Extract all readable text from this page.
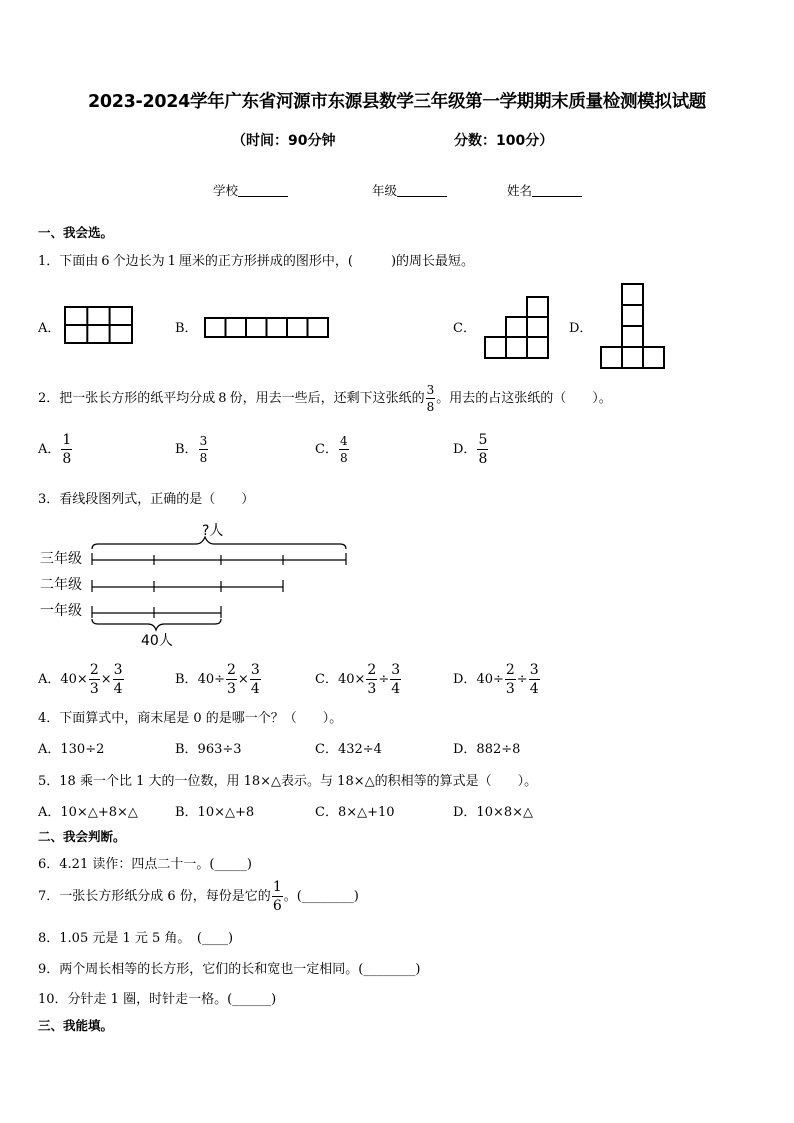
2023-2024学年广东省河源市东源县数学三年级第一学期期末质量检测模拟试题
（时间：90分钟	分数：100分）
学校	年级	姓名
一、我会选。
1．下面由 6 个边长为 1 厘米的正方形拼成的图形中，(	)的周长最短。
A．	B．	C．	D．
2．把一张长方形的纸平均分成 8 份，用去一些后，还剩下这张纸的 $\frac{3}{8}$ 。用去的占这张纸的（ ）。
A． $\frac{1}{8}$	B． $\frac{3}{8}$	C． $\frac{4}{8}$	D． $\frac{5}{8}$
3．看线段图列式，正确的是（　　）
?人
三年级
二年级
一年级
40人
A．$40\times \frac{2}{3} \times \frac{3}{4}$	B．$40\div \frac{2}{3} \times \frac{3}{4}$	C．$40\times \frac{2}{3} \div \frac{3}{4}$	D．$40\div \frac{2}{3} \div \frac{3}{4}$
4．下面算式中，商末尾是 0 的是哪一个？（　　）。
A．130÷2	B．963÷3	C．432÷4	D．882÷8
5．18 乘一个比 1 大的一位数，用 18×△表示。与 18×△的积相等的算式是（　　）。
A．10×△+8×△	B．10×△+8	C．8×△+10	D．10×8×△
二、我会判断。
6．4.21 读作：四点二十一。(_____)
7．一张长方形纸分成 6 份，每份是它的 $\frac{1}{6}$ 。(________)
8．1.05 元是 1 元 5 角。　(____)
9．两个周长相等的长方形，它们的长和宽也一定相同。(________)
10．分针走 1 圈，时针走一格。(______)
三、我能填。
